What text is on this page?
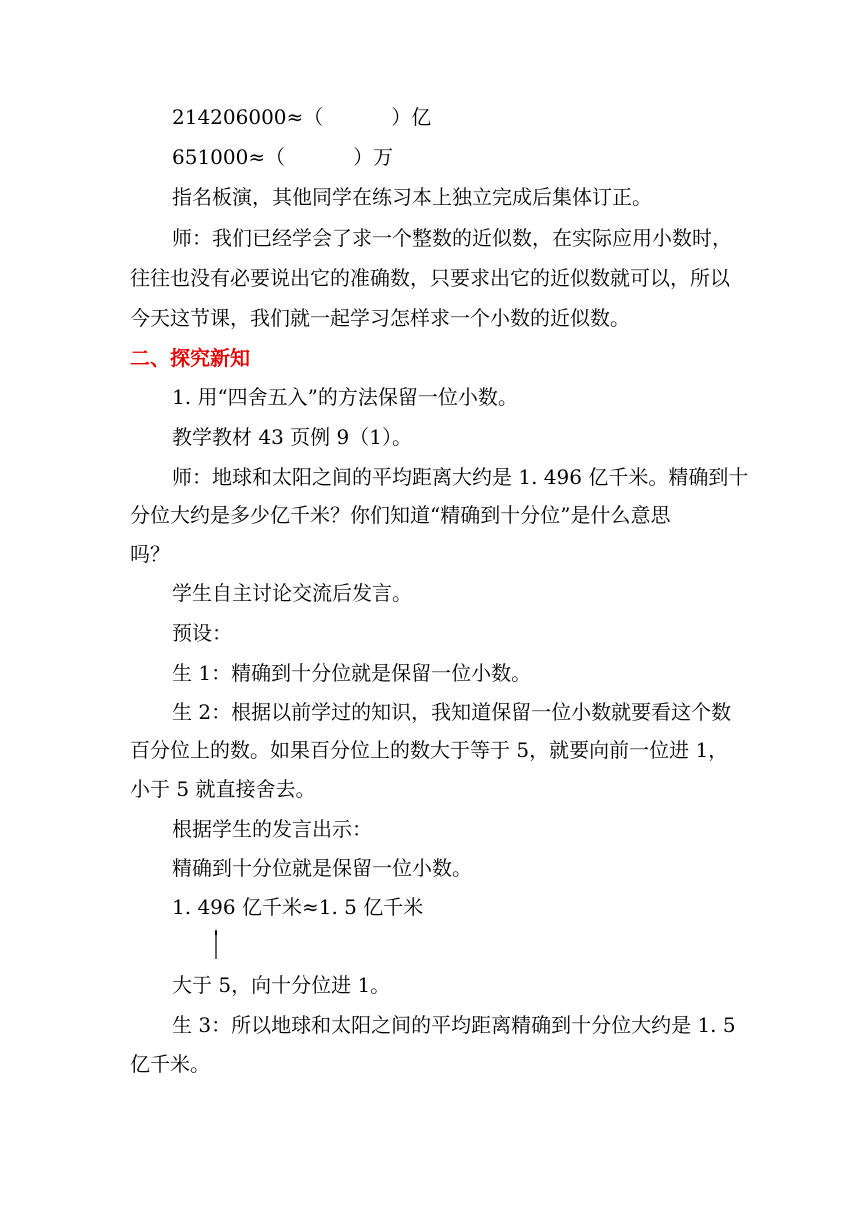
214206000≈（	）亿
651000≈（	）万
指名板演，其他同学在练习本上独立完成后集体订正。
师：我们已经学会了求一个整数的近似数，在实际应用小数时，
往往也没有必要说出它的准确数，只要求出它的近似数就可以，所以
今天这节课，我们就一起学习怎样求一个小数的近似数。
二、探究新知
1. 用“四舍五入”的方法保留一位小数。
教学教材 43 页例 9（1）。
师：地球和太阳之间的平均距离大约是 1. 496 亿千米。精确到十
分位大约是多少亿千米？你们知道“精确到十分位”是什么意思
吗？
学生自主讨论交流后发言。
预设：
生 1：精确到十分位就是保留一位小数。
生 2：根据以前学过的知识，我知道保留一位小数就要看这个数
百分位上的数。如果百分位上的数大于等于 5，就要向前一位进 1，
小于 5 就直接舍去。
根据学生的发言出示：
精确到十分位就是保留一位小数。
1. 496 亿千米≈1. 5 亿千米
大于 5，向十分位进 1。
生 3：所以地球和太阳之间的平均距离精确到十分位大约是 1. 5
亿千米。
